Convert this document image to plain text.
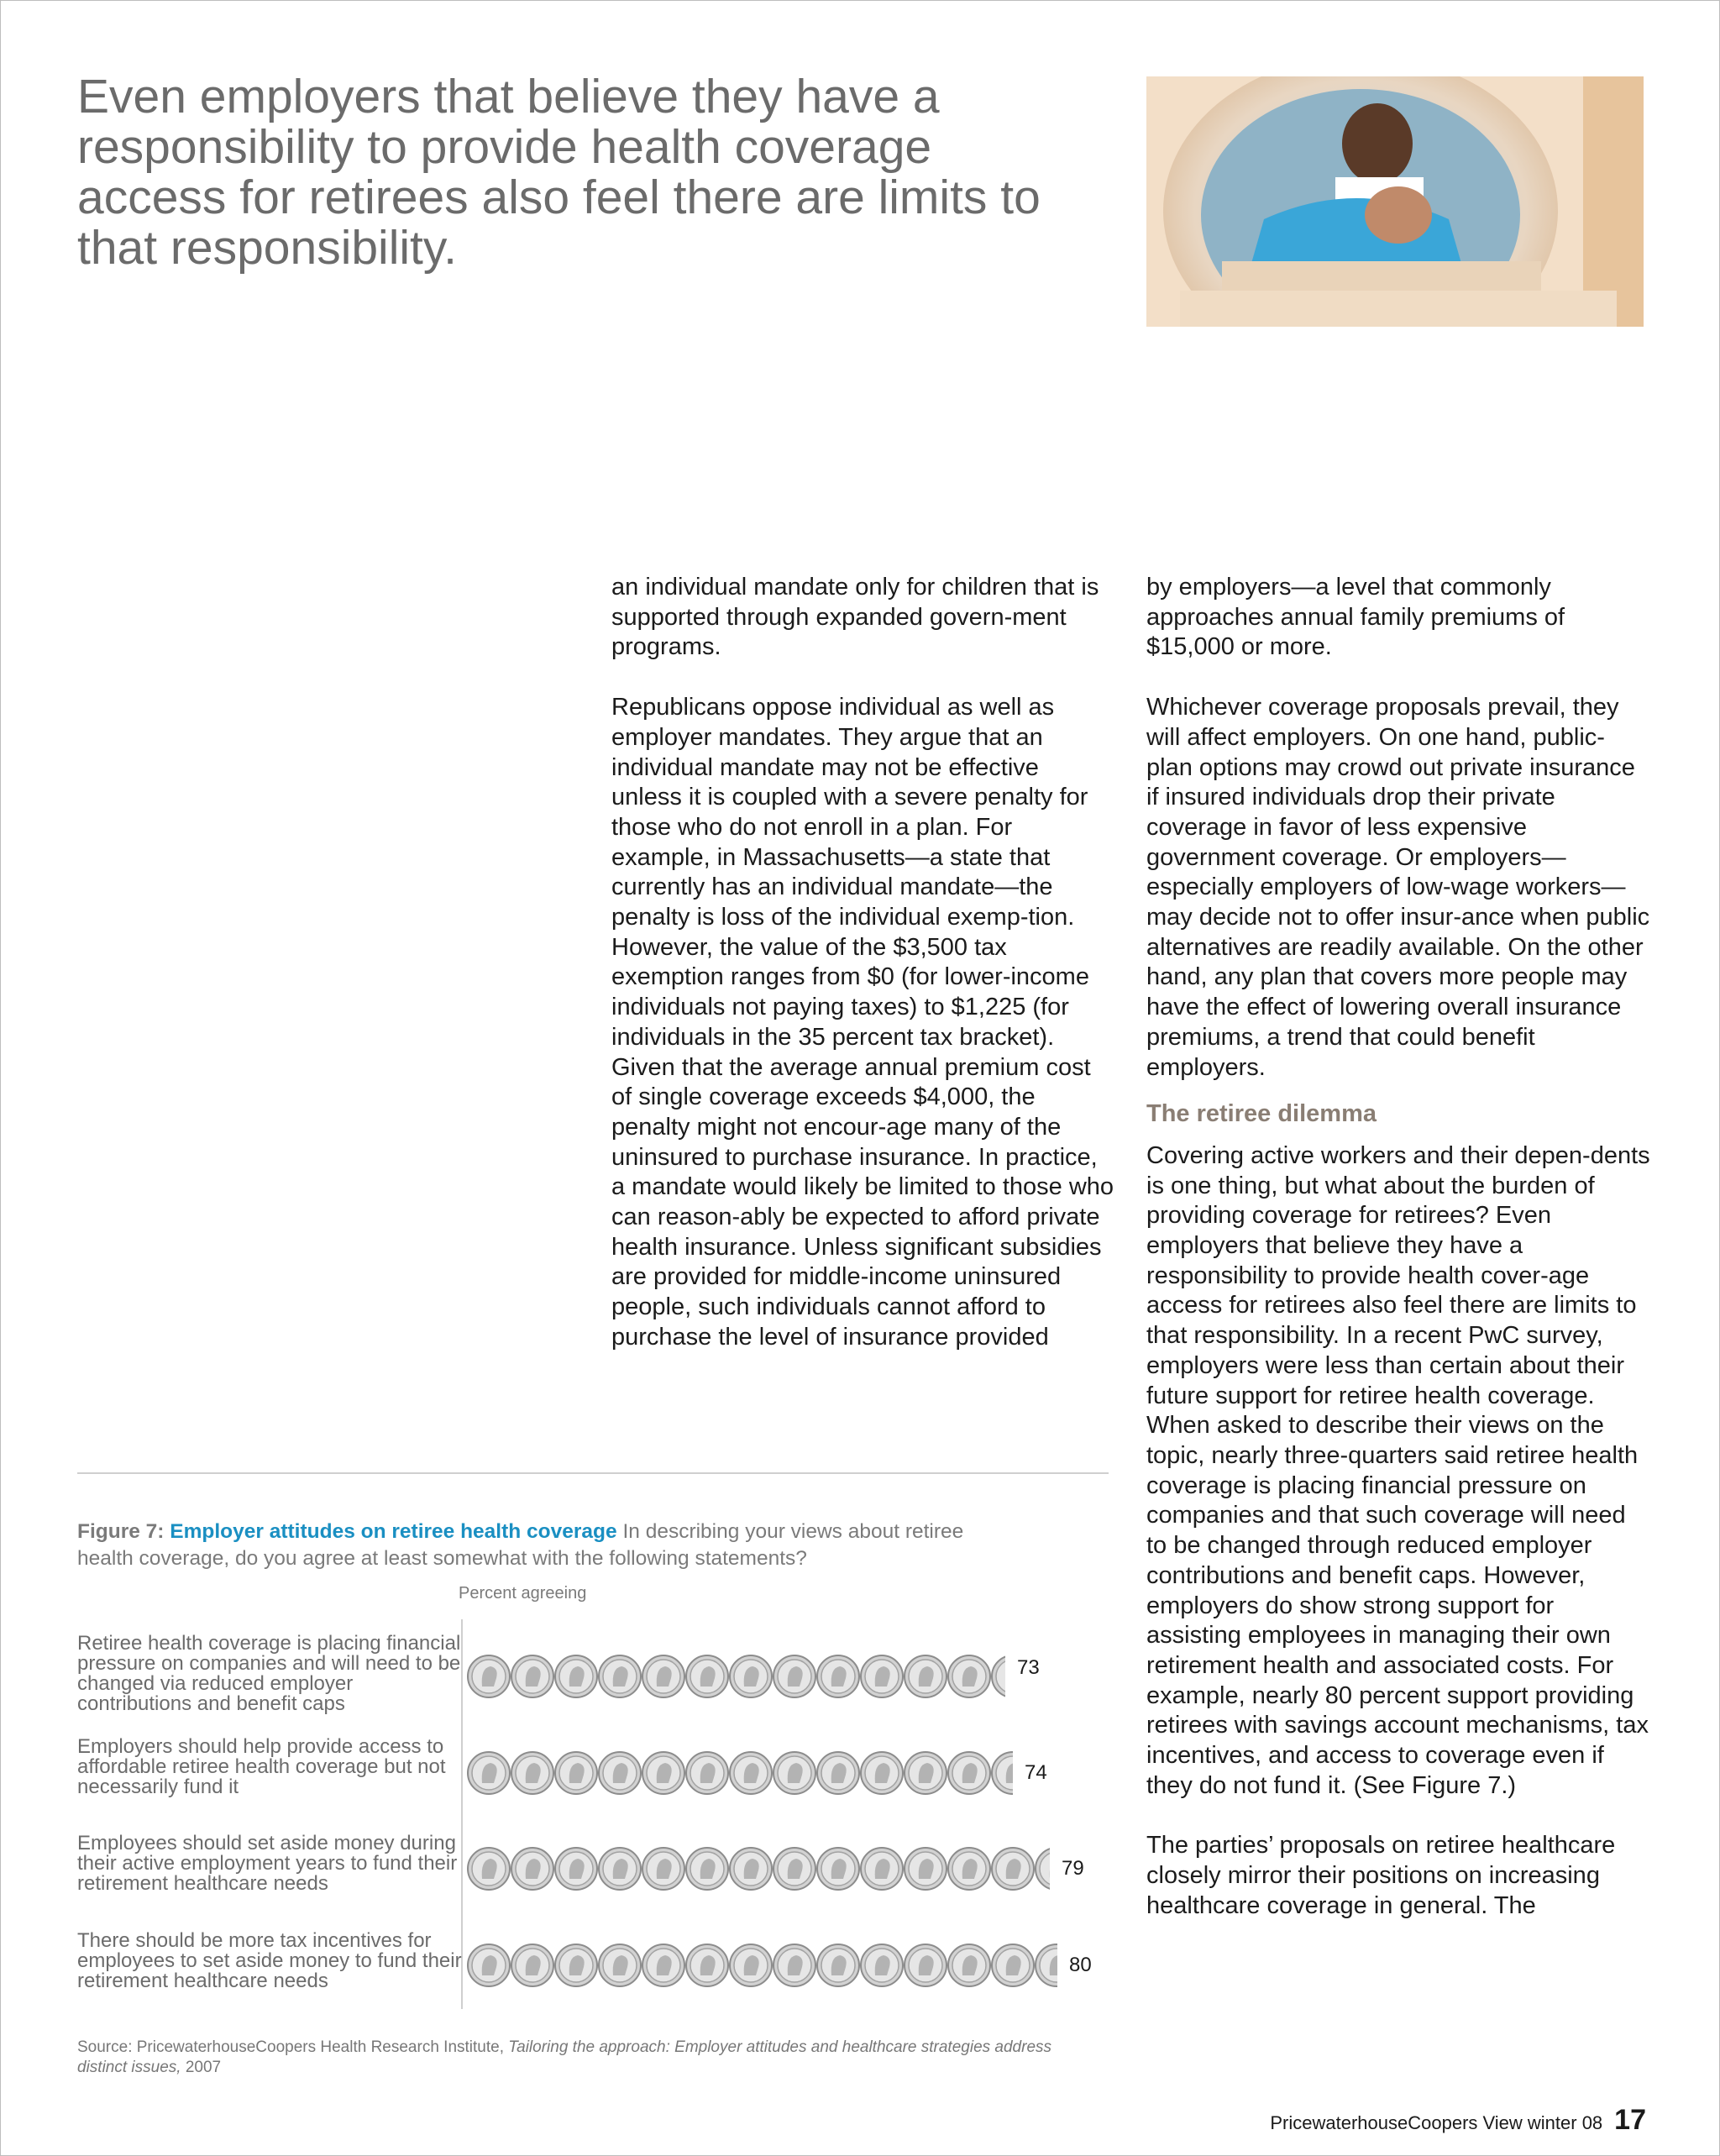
Even employers that believe they have a responsibility to provide health coverage access for retirees also feel there are limits to that responsibility.

an individual mandate only for children that is supported through expanded govern-ment programs.

Republicans oppose individual as well as employer mandates. They argue that an individual mandate may not be effective unless it is coupled with a severe penalty for those who do not enroll in a plan. For example, in Massachusetts—a state that currently has an individual mandate—the penalty is loss of the individual exemp-tion. However, the value of the $3,500 tax exemption ranges from $0 (for lower-income individuals not paying taxes) to $1,225 (for individuals in the 35 percent tax bracket). Given that the average annual premium cost of single coverage exceeds $4,000, the penalty might not encour-age many of the uninsured to purchase insurance. In practice, a mandate would likely be limited to those who can reason-ably be expected to afford private health insurance. Unless significant subsidies are provided for middle-income uninsured people, such individuals cannot afford to purchase the level of insurance provided

by employers—a level that commonly approaches annual family premiums of $15,000 or more.

Whichever coverage proposals prevail, they will affect employers. On one hand, public-plan options may crowd out private insurance if insured individuals drop their private coverage in favor of less expensive government coverage. Or employers—especially employers of low-wage workers—may decide not to offer insur-ance when public alternatives are readily available. On the other hand, any plan that covers more people may have the effect of lowering overall insurance premiums, a trend that could benefit employers.

The retiree dilemma

Covering active workers and their depen-dents is one thing, but what about the burden of providing coverage for retirees? Even employers that believe they have a responsibility to provide health cover-age access for retirees also feel there are limits to that responsibility. In a recent PwC survey, employers were less than certain about their future support for retiree health coverage. When asked to describe their views on the topic, nearly three-quarters said retiree health coverage is placing financial pressure on companies and that such coverage will need to be changed through reduced employer contributions and benefit caps. However, employers do show strong support for assisting employees in managing their own retirement health and associated costs. For example, nearly 80 percent support providing retirees with savings account mechanisms, tax incentives, and access to coverage even if they do not fund it. (See Figure 7.)

The parties’ proposals on retiree healthcare closely mirror their positions on increasing healthcare coverage in general. The

Figure 7: Employer attitudes on retiree health coverage In describing your views about retiree health coverage, do you agree at least somewhat with the following statements?
Percent agreeing
Retiree health coverage is placing financial pressure on companies and will need to be changed via reduced employer contributions and benefit caps
73
Employers should help provide access to affordable retiree health coverage but not necessarily fund it
74
Employees should set aside money during their active employment years to fund their retirement healthcare needs
79
There should be more tax incentives for employees to set aside money to fund their retirement healthcare needs
80
Source: PricewaterhouseCoopers Health Research Institute, Tailoring the approach: Employer attitudes and healthcare strategies address distinct issues, 2007
PricewaterhouseCoopers View winter 08 17
